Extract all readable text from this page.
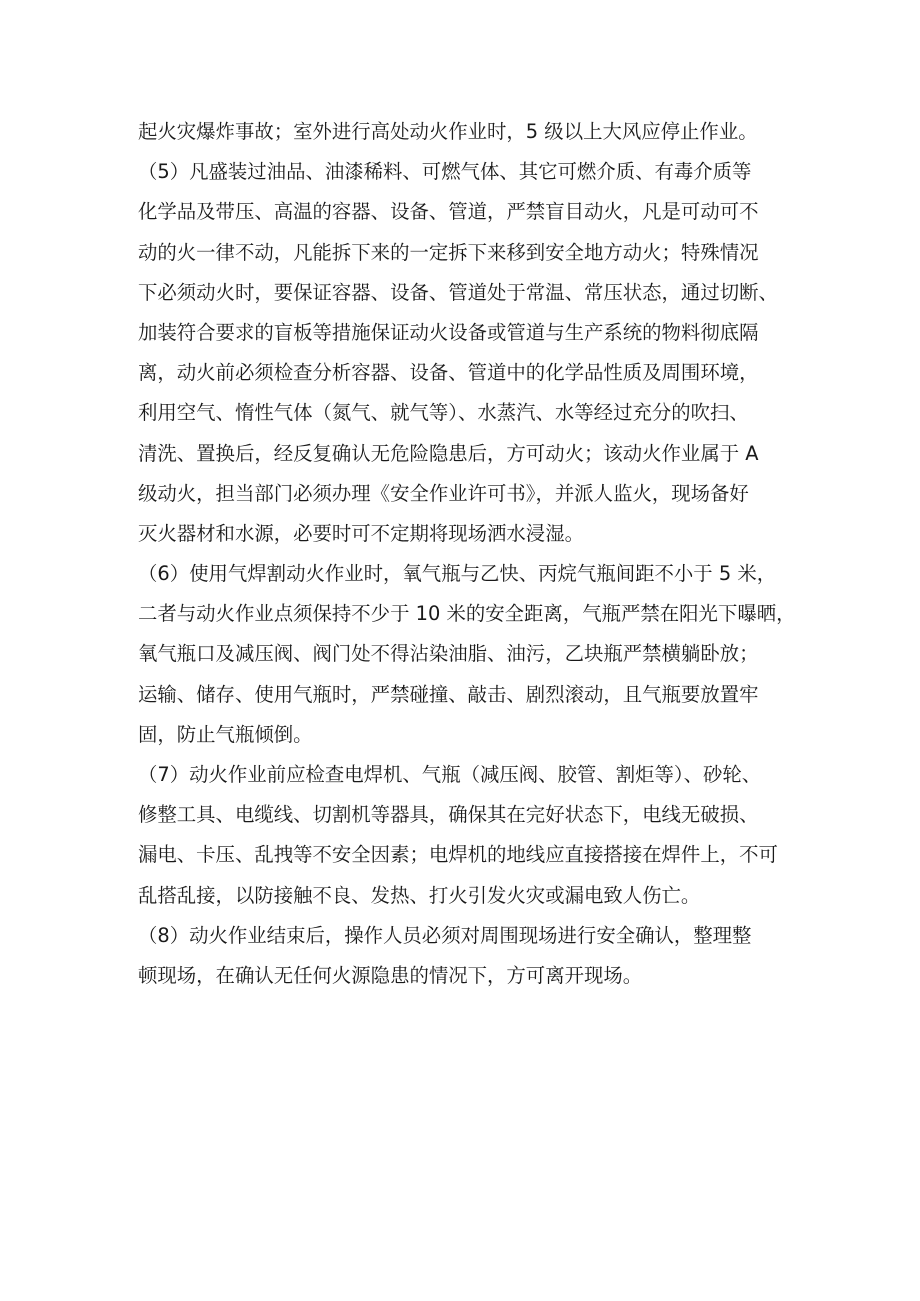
起火灾爆炸事故；室外进行高处动火作业时，5 级以上大风应停止作业。
（5）凡盛装过油品、油漆稀料、可燃气体、其它可燃介质、有毒介质等
化学品及带压、高温的容器、设备、管道，严禁盲目动火，凡是可动可不
动的火一律不动，凡能拆下来的一定拆下来移到安全地方动火；特殊情况
下必须动火时，要保证容器、设备、管道处于常温、常压状态，通过切断、
加装符合要求的盲板等措施保证动火设备或管道与生产系统的物料彻底隔
离，动火前必须检查分析容器、设备、管道中的化学品性质及周围环境，
利用空气、惰性气体（氮气、就气等）、水蒸汽、水等经过充分的吹扫、
清洗、置换后，经反复确认无危险隐患后，方可动火；该动火作业属于 A
级动火，担当部门必须办理《安全作业许可书》，并派人监火，现场备好
灭火器材和水源，必要时可不定期将现场洒水浸湿。
（6）使用气焊割动火作业时，氧气瓶与乙快、丙烷气瓶间距不小于 5 米，
二者与动火作业点须保持不少于 10 米的安全距离，气瓶严禁在阳光下曝晒，
氧气瓶口及减压阀、阀门处不得沾染油脂、油污，乙块瓶严禁横躺卧放；
运输、储存、使用气瓶时，严禁碰撞、敲击、剧烈滚动，且气瓶要放置牢
固，防止气瓶倾倒。
（7）动火作业前应检查电焊机、气瓶（减压阀、胶管、割炬等）、砂轮、
修整工具、电缆线、切割机等器具，确保其在完好状态下，电线无破损、
漏电、卡压、乱拽等不安全因素；电焊机的地线应直接搭接在焊件上，不可
乱搭乱接，以防接触不良、发热、打火引发火灾或漏电致人伤亡。
（8）动火作业结束后，操作人员必须对周围现场进行安全确认，整理整
顿现场，在确认无任何火源隐患的情况下，方可离开现场。
